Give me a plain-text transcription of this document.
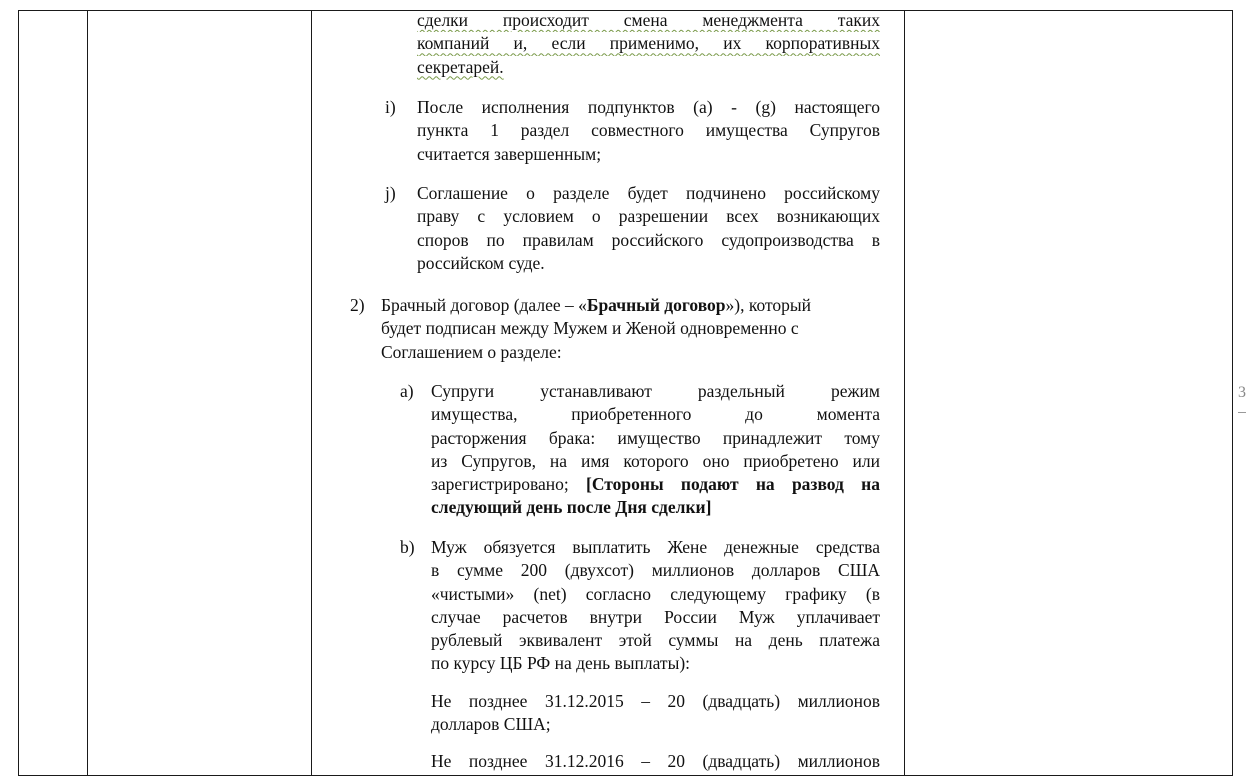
3
сделки происходит смена менеджмента таких
компаний и, если применимо, их корпоративных
секретарей.
i) После исполнения подпунктов (а) - (g) настоящего
пункта 1 раздел совместного имущества Супругов
считается завершенным;
j) Соглашение о разделе будет подчинено российскому
праву с условием о разрешении всех возникающих
споров по правилам российского судопроизводства в
российском суде.
2) Брачный договор (далее – «Брачный договор»), который
будет подписан между Мужем и Женой одновременно с
Соглашением о разделе:
a) Супруги устанавливают раздельный режим
имущества, приобретенного до момента
расторжения брака: имущество принадлежит тому
из Супругов, на имя которого оно приобретено или
зарегистрировано; [Стороны подают на развод на
следующий день после Дня сделки]
b) Муж обязуется выплатить Жене денежные средства
в сумме 200 (двухсот) миллионов долларов США
«чистыми» (net) согласно следующему графику (в
случае расчетов внутри России Муж уплачивает
рублевый эквивалент этой суммы на день платежа
по курсу ЦБ РФ на день выплаты):
Не позднее 31.12.2015 – 20 (двадцать) миллионов
долларов США;
Не позднее 31.12.2016 – 20 (двадцать) миллионов
